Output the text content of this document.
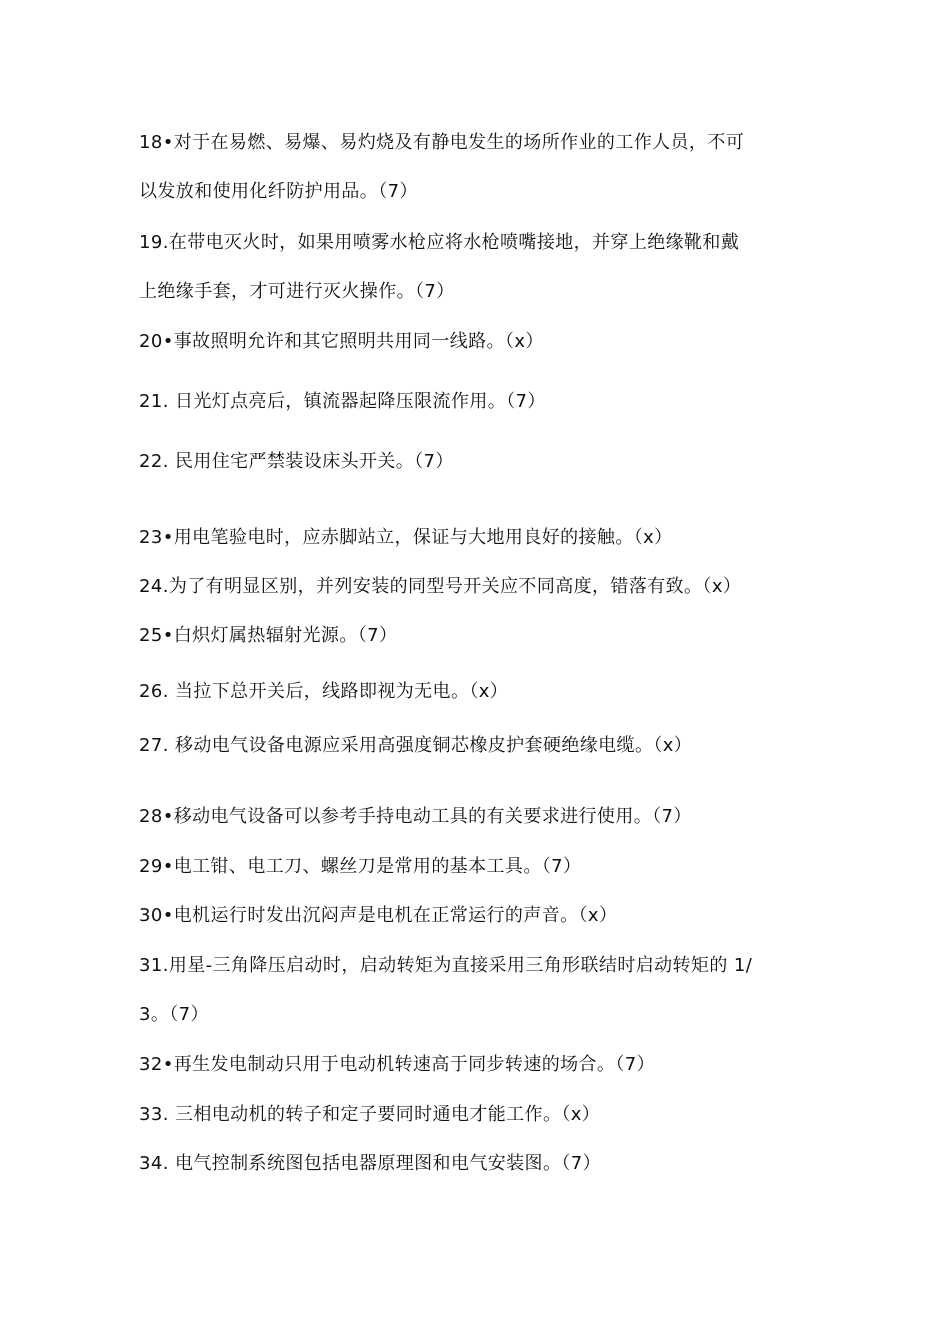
18•对于在易燃、易爆、易灼烧及有静电发生的场所作业的工作人员，不可
以发放和使用化纤防护用品。（7）
19.在带电灭火时，如果用喷雾水枪应将水枪喷嘴接地，并穿上绝缘靴和戴
上绝缘手套，才可进行灭火操作。（7）
20•事故照明允许和其它照明共用同一线路。（x）
21. 日光灯点亮后，镇流器起降压限流作用。（7）
22. 民用住宅严禁装设床头开关。（7）
23•用电笔验电时，应赤脚站立，保证与大地用良好的接触。（x）
24.为了有明显区别，并列安装的同型号开关应不同高度，错落有致。（x）
25•白炽灯属热辐射光源。（7）
26. 当拉下总开关后，线路即视为无电。（x）
27. 移动电气设备电源应采用高强度铜芯橡皮护套硬绝缘电缆。（x）
28•移动电气设备可以参考手持电动工具的有关要求进行使用。（7）
29•电工钳、电工刀、螺丝刀是常用的基本工具。（7）
30•电机运行时发出沉闷声是电机在正常运行的声音。（x）
31.用星-三角降压启动时，启动转矩为直接采用三角形联结时启动转矩的 1/
3。（7）
32•再生发电制动只用于电动机转速高于同步转速的场合。（7）
33. 三相电动机的转子和定子要同时通电才能工作。（x）
34. 电气控制系统图包括电器原理图和电气安装图。（7）
